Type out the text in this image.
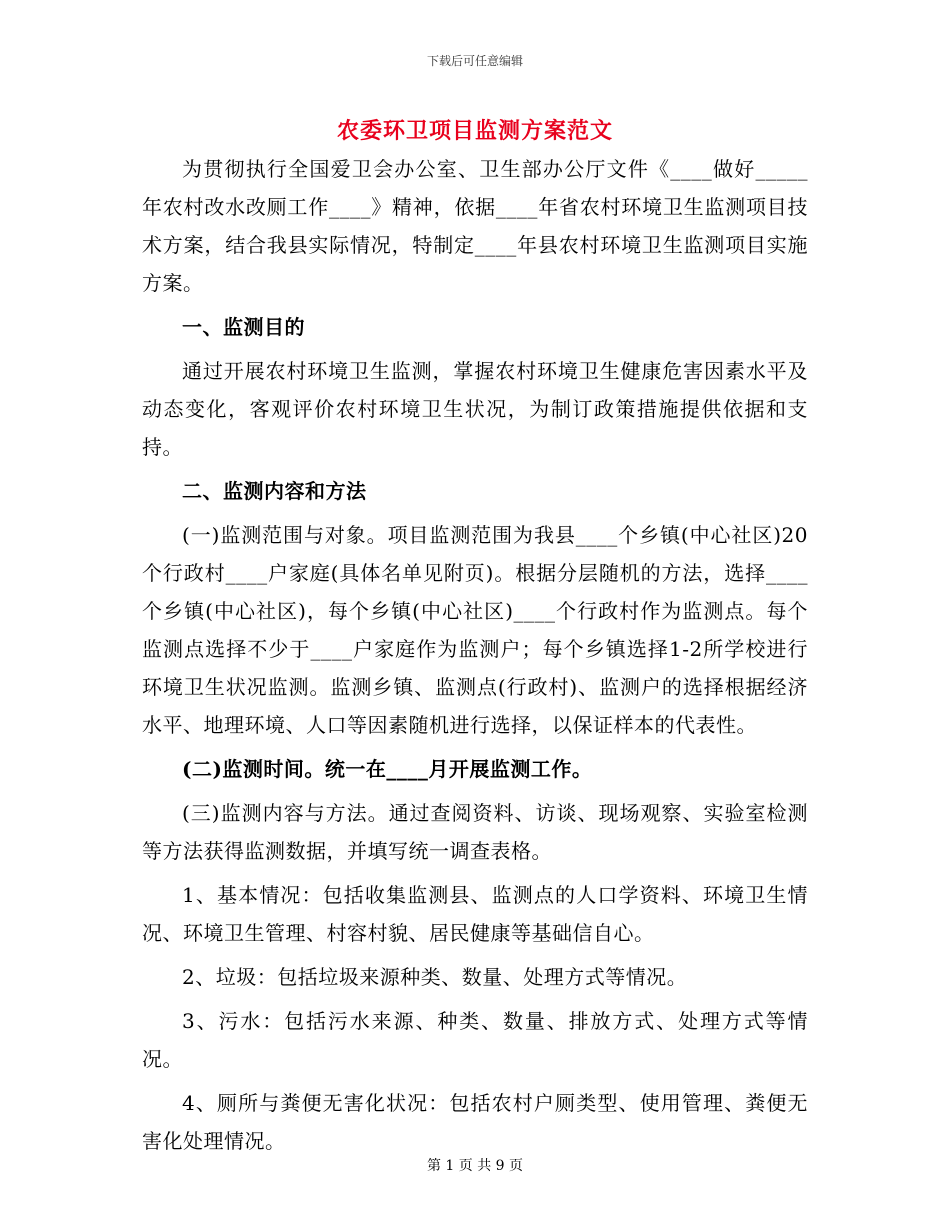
下载后可任意编辑
农委环卫项目监测方案范文

为贯彻执行全国爱卫会办公室、卫生部办公厅文件《____做好_____年农村改水改厕工作____》精神，依据____年省农村环境卫生监测项目技术方案，结合我县实际情况，特制定____年县农村环境卫生监测项目实施方案。

一、监测目的

通过开展农村环境卫生监测，掌握农村环境卫生健康危害因素水平及动态变化，客观评价农村环境卫生状况，为制订政策措施提供依据和支持。

二、监测内容和方法

(一)监测范围与对象。项目监测范围为我县____个乡镇(中心社区)20个行政村____户家庭(具体名单见附页)。根据分层随机的方法，选择____个乡镇(中心社区)，每个乡镇(中心社区)____个行政村作为监测点。每个监测点选择不少于____户家庭作为监测户；每个乡镇选择1-2所学校进行环境卫生状况监测。监测乡镇、监测点(行政村)、监测户的选择根据经济水平、地理环境、人口等因素随机进行选择，以保证样本的代表性。

(二)监测时间。统一在____月开展监测工作。

(三)监测内容与方法。通过查阅资料、访谈、现场观察、实验室检测等方法获得监测数据，并填写统一调查表格。

1、基本情况：包括收集监测县、监测点的人口学资料、环境卫生情况、环境卫生管理、村容村貌、居民健康等基础信自心。

2、垃圾：包括垃圾来源种类、数量、处理方式等情况。

3、污水：包括污水来源、种类、数量、排放方式、处理方式等情况。

4、厕所与粪便无害化状况：包括农村户厕类型、使用管理、粪便无害化处理情况。

第 1 页 共 9 页
